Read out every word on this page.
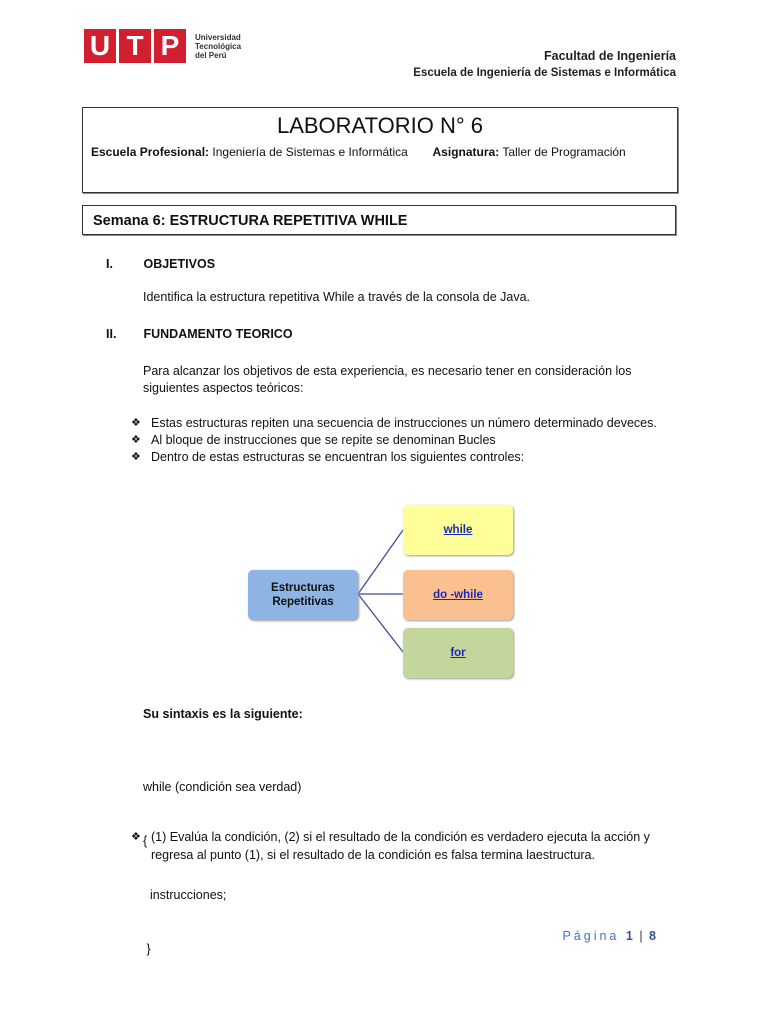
U T P	Universidad
Tecnológica
del Perú	Facultad de Ingeniería
Escuela de Ingeniería de Sistemas e Informática
LABORATORIO N° 6
Escuela Profesional: Ingeniería de Sistemas e Informática Asignatura: Taller de Programación
Semana 6: ESTRUCTURA REPETITIVA WHILE
I. OBJETIVOS
Identifica la estructura repetitiva While a través de la consola de Java.
II. FUNDAMENTO TEORICO
Para alcanzar los objetivos de esta experiencia, es necesario tener en consideración los
siguientes aspectos teóricos:
❖ Estas estructuras repiten una secuencia de instrucciones un número determinado deveces.
❖ Al bloque de instrucciones que se repite se denominan Bucles
❖ Dentro de estas estructuras se encuentran los siguientes controles:
Estructuras
Repetitivas
while
do -while
for
Su sintaxis es la siguiente:

while (condición sea verdad)

{

instrucciones;

}

❖ (1) Evalúa la condición, (2) si el resultado de la condición es verdadero ejecuta la acción y
regresa al punto (1), si el resultado de la condición es falsa termina laestructura.
Página 1 | 8
